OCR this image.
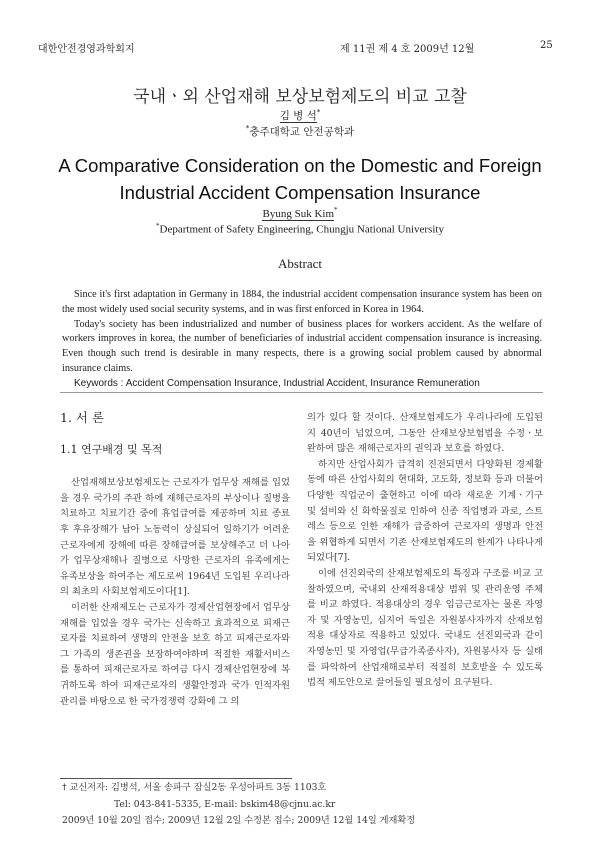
대한안전경영과학회지	제 11권 제 4 호 2009년 12월	25
국내ㆍ외 산업재해 보상보험제도의 비교 고찰
김 병 석*
*충주대학교 안전공학과
A Comparative Consideration on the Domestic and Foreign
Industrial Accident Compensation Insurance
Byung Suk Kim*
*Department of Safety Engineering, Chungju National University
Abstract

Since it's first adaptation in Germany in 1884, the industrial accident compensation insurance system has been on the most widely used social security systems, and in was first enforced in Korea in 1964.

Today's society has been industrialized and number of business places for workers accident. As the welfare of workers improves in korea, the number of beneficiaries of industrial accident compensation insurance is increasing. Even though such trend is desirable in many respects, there is a growing social problem caused by abnormal insurance claims.

Keywords : Accident Compensation Insurance, Industrial Accident, Insurance Remuneration

1. 서 론
1.1 연구배경 및 목적

산업재해보상보험제도는 근로자가 업무상 재해를 입었을 경우 국가의 주관 하에 재해근로자의 부상이나 질병을 치료하고 치료기간 중에 휴업급여를 제공하며 치료 종료 후 후유장해가 남아 노동력이 상실되어 일하기가 어려운 근로자에게 장해에 따른 장해급여를 보상해주고 더 나아가 업무상재해나 질병으로 사망한 근로자의 유족에게는 유족보상을 하여주는 제도로써 1964년 도입된 우리나라의 최초의 사회보험제도이다[1].

이러한 산재제도는 근로자가 경제산업현장에서 업무상 재해를 입었을 경우 국가는 신속하고 효과적으로 피재근로자를 치료하여 생명의 안전을 보호 하고 피재근로자와 그 가족의 생존권을 보장하여야하며 적절한 재활서비스를 통하여 피재근로자로 하여금 다시 경제산업현장에 복귀하도록 하여 피재근로자의 생활안정과 국가 인적자원관리를 바탕으로 한 국가경쟁력 강화에 그 의

의가 있다 할 것이다. 산재보험제도가 우리나라에 도입된지 40년이 넘었으며, 그동안 산재보상보험법을 수정ㆍ보완하여 많은 재해근로자의 권익과 보호를 하였다.

하지만 산업사회가 급격히 진전되면서 다양화된 경제활동에 따른 산업사회의 현대화, 고도화, 정보화 등과 더불어 다양한 직업군이 출현하고 이에 따라 새로운 기계ㆍ기구 및 설비와 신 화학물질로 인하여 신종 직업병과 과로, 스트레스 등으로 인한 재해가 급증하여 근로자의 생명과 안전을 위협하게 되면서 기존 산재보험제도의 한계가 나타나게 되었다[7].

이에 선진외국의 산재보험제도의 특징과 구조를 비교 고찰하였으며, 국내외 산재적용대상 범위 및 관리운영 주체를 비교 하였다. 적용대상의 경우 임금근로자는 물론 자영자 및 자영농민, 심지어 독일은 자원봉사자까지 산재보험 적용 대상자로 적용하고 있었다. 국내도 선진외국과 같이 자영농민 및 자영업(무급가족종사자), 자원봉사자 등 실태를 파악하여 산업재해로부터 적절히 보호받을 수 있도록 법적 제도안으로 끌어들일 필요성이 요구된다.

† 교신저자: 김병석, 서울 송파구 잠실2동 우성아파트 3동 1103호
Tel: 043-841-5335, E-mail: bskim48@cjnu.ac.kr
2009년 10월 20일 접수; 2009년 12월 2일 수정본 접수; 2009년 12월 14일 게재확정
